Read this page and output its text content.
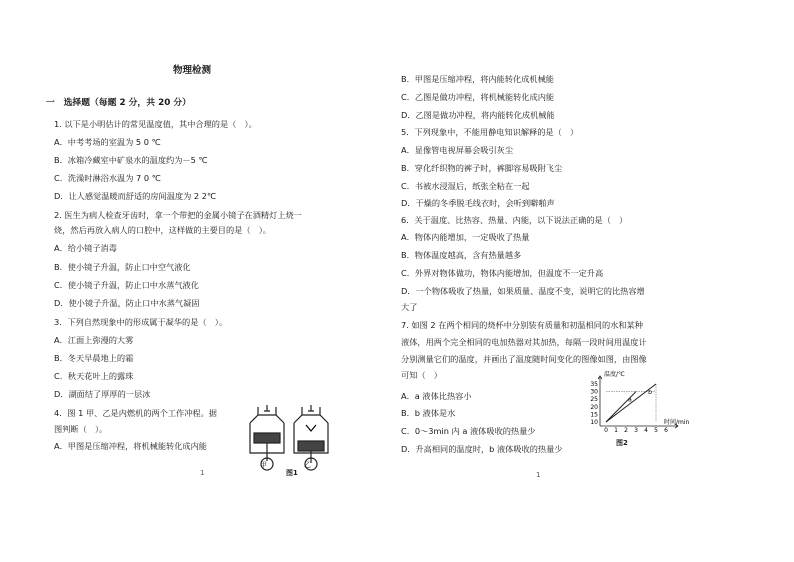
物理检测
一　选择题（每题 2 分，共 20 分）
1. 以下是小明估计的常见温度值，其中合理的是（　）。
A．中考考场的室温为 5 0 ℃
B．冰箱冷藏室中矿泉水的温度约为－5 ℃
C．洗澡时淋浴水温为 7 0 ℃
D．让人感觉温暖而舒适的房间温度为 2 2℃
2. 医生为病人检查牙齿时，拿一个带把的金属小镜子在酒精灯上烧一
烧，然后再放入病人的口腔中，这样做的主要目的是（　）。
A．给小镜子消毒
B．使小镜子升温，防止口中空气液化
C．使小镜子升温，防止口中水蒸气液化
D．使小镜子升温，防止口中水蒸气凝固
3．下列自然现象中的形成属于凝华的是（　）。
A．江面上弥漫的大雾
B．冬天早晨地上的霜
C．秋天花叶上的露珠
D．湖面结了厚厚的一层冰
4．图 1 甲、乙是内燃机的两个工作冲程。据
图判断（　）。
A．甲图是压缩冲程，将机械能转化成内能
1
甲	乙
图1
B．甲图是压缩冲程，将内能转化成机械能
C．乙图是做功冲程，将机械能转化成内能
D．乙图是做功冲程，将内能转化成机械能
5．下列现象中，不能用静电知识解释的是（　）
A．显像管电视屏幕会吸引灰尘
B．穿化纤织物的裤子时，裤脚容易吸附飞尘
C．书被水浸湿后，纸张全粘在一起
D．干燥的冬季脱毛线衣时，会听到噼啪声
6．关于温度、比热容、热量、内能，以下说法正确的是（　）
A．物体内能增加，一定吸收了热量
B．物体温度越高，含有热量越多
C．外界对物体做功，物体内能增加，但温度不一定升高
D．一个物体吸收了热量，如果质量、温度不变，说明它的比热容增
大了
7. 如图 2 在两个相同的烧杯中分别装有质量和初温相同的水和某种
液体，用两个完全相同的电加热器对其加热，每隔一段时间用温度计
分别测量它们的温度，并画出了温度随时间变化的图像如图，由图像
可知（　）
A．a 液体比热容小
B．b 液体是水
C．0～3min 内 a 液体吸收的热量少
D．升高相同的温度时，b 液体吸收的热量少
1
35
30
25
20
15
10
0 1 2 3 4 5 6
温度/℃
时间/min
a
b
图2
